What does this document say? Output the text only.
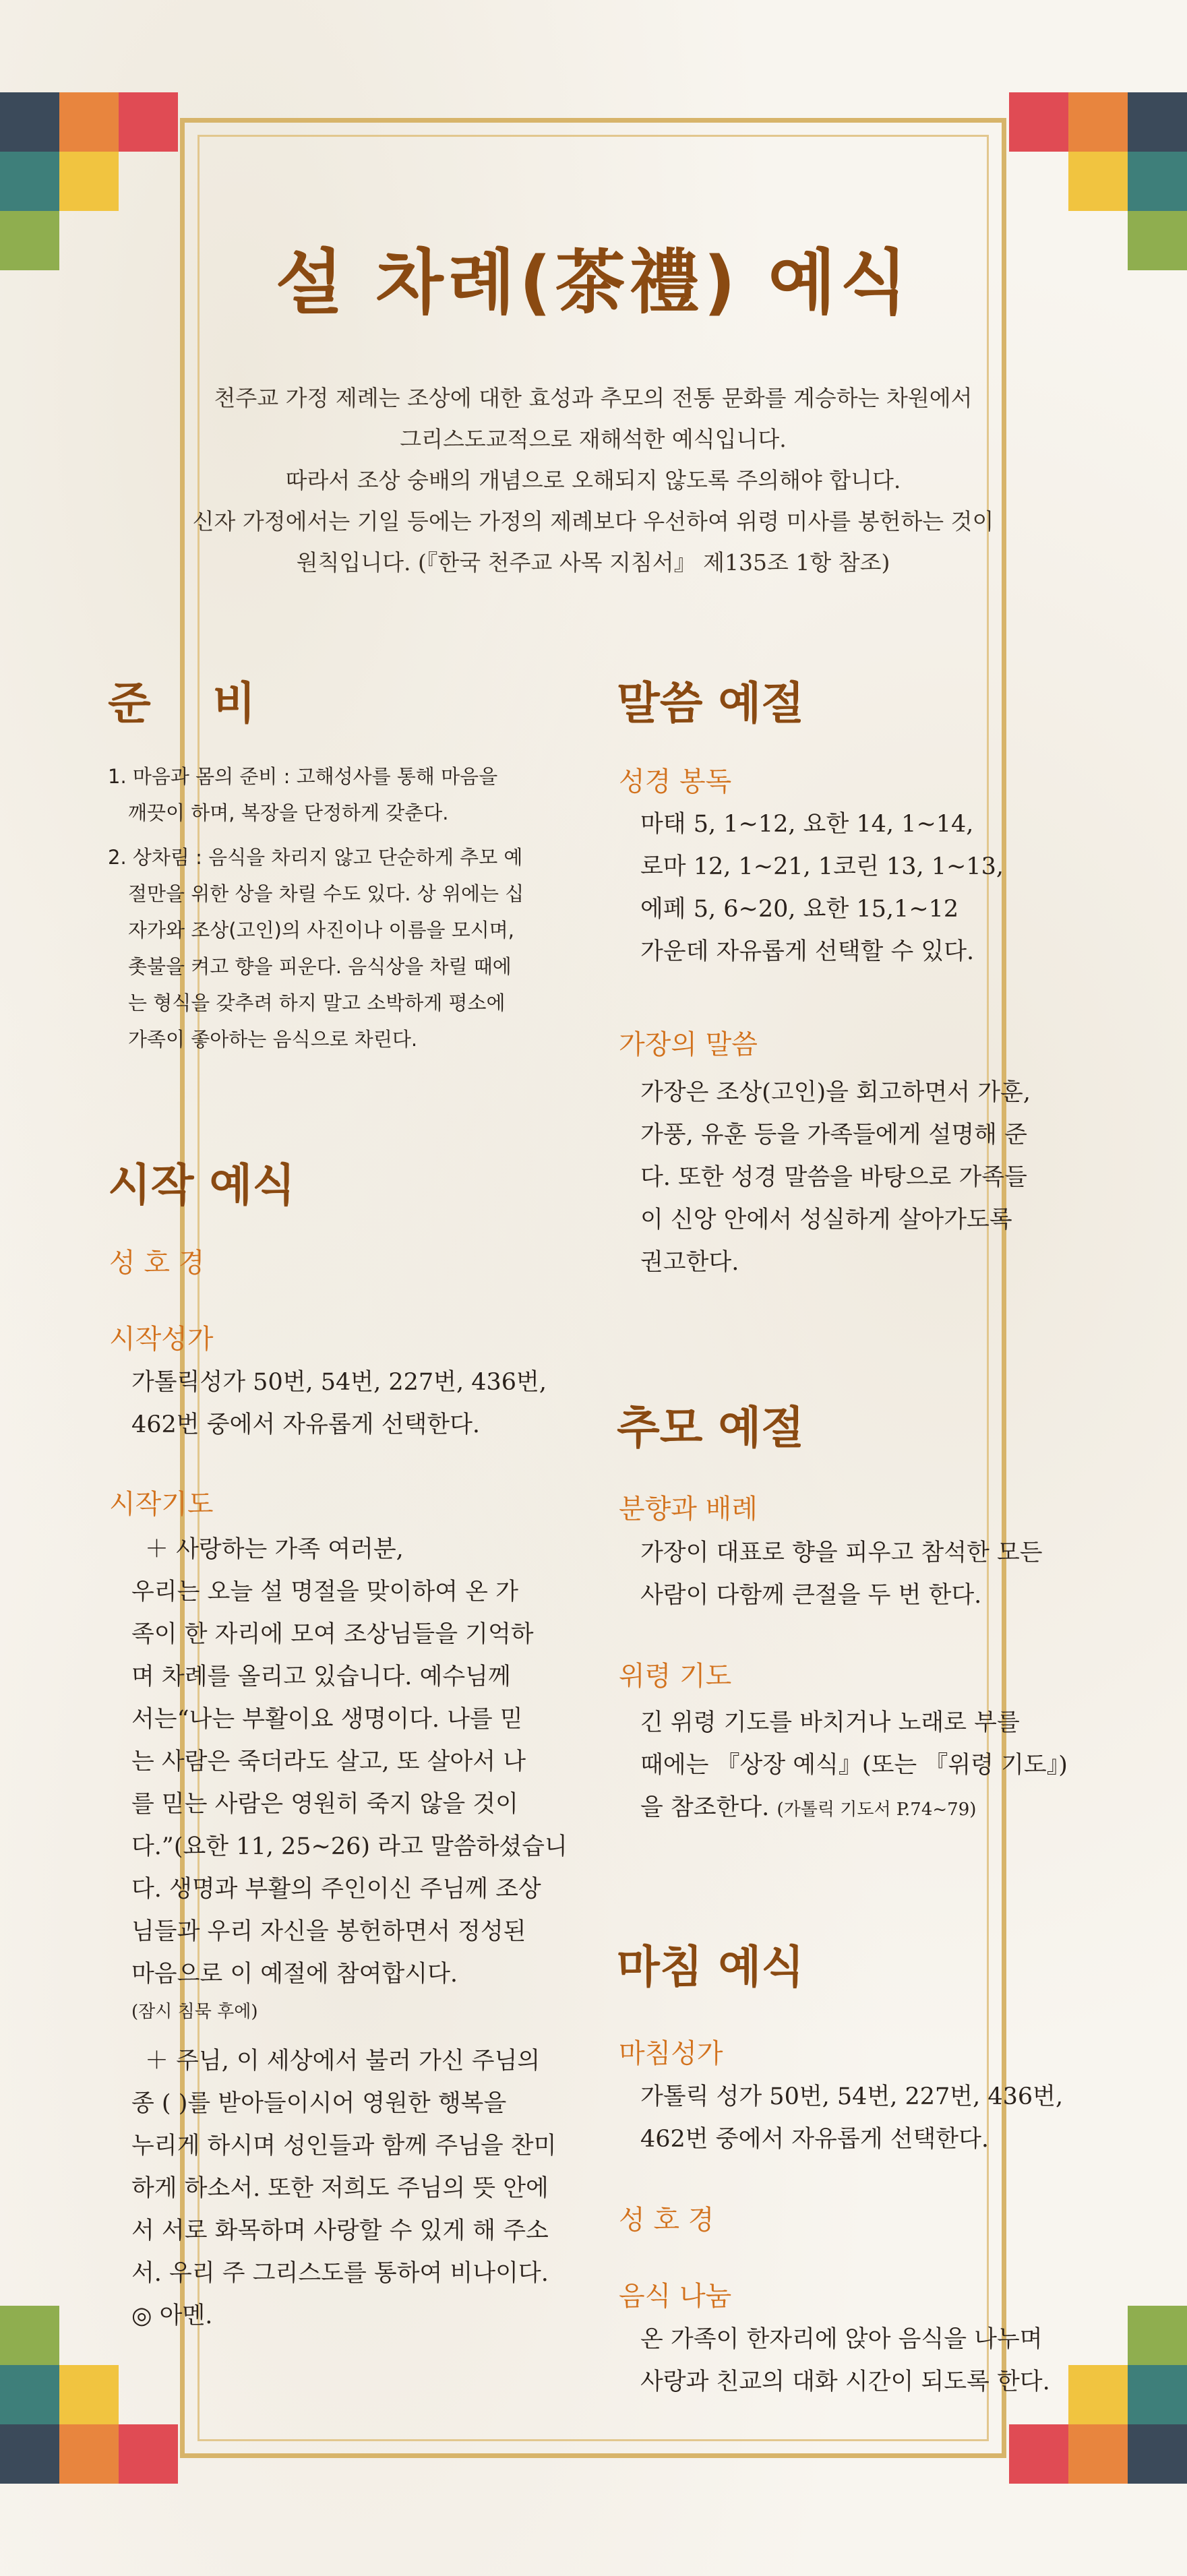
설 차례(茶禮) 예식
천주교 가정 제례는 조상에 대한 효성과 추모의 전통 문화를 계승하는 차원에서
그리스도교적으로 재해석한 예식입니다.
따라서 조상 숭배의 개념으로 오해되지 않도록 주의해야 합니다.
신자 가정에서는 기일 등에는 가정의 제례보다 우선하여 위령 미사를 봉헌하는 것이
원칙입니다. (『한국 천주교 사목 지침서』 제135조 1항 참조)
준    비
1. 마음과 몸의 준비 : 고해성사를 통해 마음을
깨끗이 하며, 복장을 단정하게 갖춘다.
2. 상차림 : 음식을 차리지 않고 단순하게 추모 예
절만을 위한 상을 차릴 수도 있다. 상 위에는 십
자가와 조상(고인)의 사진이나 이름을 모시며,
촛불을 켜고 향을 피운다. 음식상을 차릴 때에
는 형식을 갖추려 하지 말고 소박하게 평소에
가족이 좋아하는 음식으로 차린다.
시작 예식
성 호 경
시작성가
가톨릭성가 50번, 54번, 227번, 436번,
462번 중에서 자유롭게 선택한다.
시작기도
＋ 사랑하는 가족 여러분,
우리는 오늘 설 명절을 맞이하여 온 가
족이 한 자리에 모여 조상님들을 기억하
며 차례를 올리고 있습니다. 예수님께
서는“나는 부활이요 생명이다. 나를 믿
는 사람은 죽더라도 살고, 또 살아서 나
를 믿는 사람은 영원히 죽지 않을 것이
다.”(요한 11, 25~26) 라고 말씀하셨습니
다. 생명과 부활의 주인이신 주님께 조상
님들과 우리 자신을 봉헌하면서 정성된
마음으로 이 예절에 참여합시다.
(잠시 침묵 후에)
＋ 주님, 이 세상에서 불러 가신 주님의
종 ( )를 받아들이시어 영원한 행복을
누리게 하시며 성인들과 함께 주님을 찬미
하게 하소서. 또한 저희도 주님의 뜻 안에
서 서로 화목하며 사랑할 수 있게 해 주소
서. 우리 주 그리스도를 통하여 비나이다.
◎ 아멘.
말씀 예절
성경 봉독
마태 5, 1~12, 요한 14, 1~14,
로마 12, 1~21, 1코린 13, 1~13,
에페 5, 6~20, 요한 15,1~12
가운데 자유롭게 선택할 수 있다.
가장의 말씀
가장은 조상(고인)을 회고하면서 가훈,
가풍, 유훈 등을 가족들에게 설명해 준
다. 또한 성경 말씀을 바탕으로 가족들
이 신앙 안에서 성실하게 살아가도록
권고한다.
추모 예절
분향과 배례
가장이 대표로 향을 피우고 참석한 모든
사람이 다함께 큰절을 두 번 한다.
위령 기도
긴 위령 기도를 바치거나 노래로 부를
때에는 『상장 예식』(또는 『위령 기도』)
을 참조한다. (가톨릭 기도서 P.74~79)
마침 예식
마침성가
가톨릭 성가 50번, 54번, 227번, 436번,
462번 중에서 자유롭게 선택한다.
성 호 경
음식 나눔
온 가족이 한자리에 앉아 음식을 나누며
사랑과 친교의 대화 시간이 되도록 한다.
